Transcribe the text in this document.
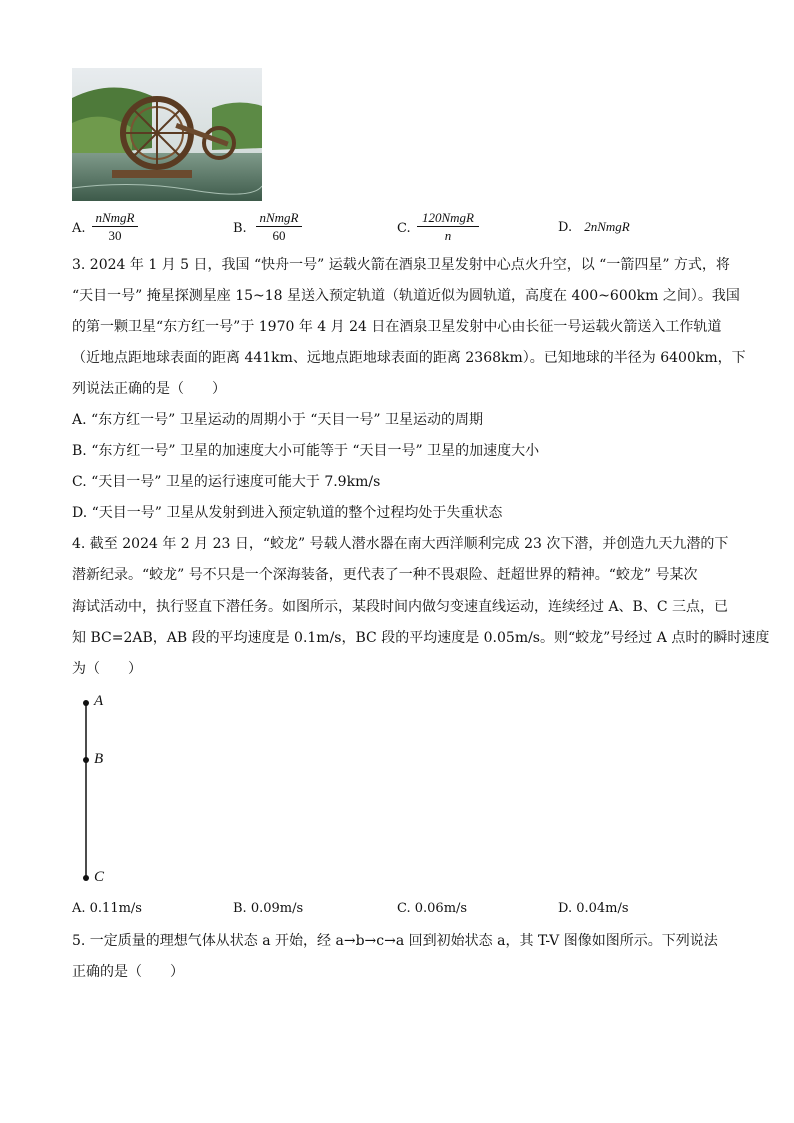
A.
nNmgR
30	B.
nNmgR
60	C.
120NmgR
n
D. 2nNmgR
3. 2024 年 1 月 5 日，我国 “快舟一号” 运载火箭在酒泉卫星发射中心点火升空，以 “一箭四星” 方式，将
“天目一号” 掩星探测星座 15~18 星送入预定轨道（轨道近似为圆轨道，高度在 400~600km 之间）。我国
的第一颗卫星“东方红一号”于 1970 年 4 月 24 日在酒泉卫星发射中心由长征一号运载火箭送入工作轨道
（近地点距地球表面的距离 441km、远地点距地球表面的距离 2368km）。已知地球的半径为 6400km，下
列说法正确的是（　　）
A. “东方红一号” 卫星运动的周期小于 “天目一号” 卫星运动的周期
B. “东方红一号” 卫星的加速度大小可能等于 “天目一号” 卫星的加速度大小
C. “天目一号” 卫星的运行速度可能大于 7.9km/s
D. “天目一号” 卫星从发射到进入预定轨道的整个过程均处于失重状态
4. 截至 2024 年 2 月 23 日，“蛟龙” 号载人潜水器在南大西洋顺利完成 23 次下潜，并创造九天九潜的下
潜新纪录。“蛟龙” 号不只是一个深海装备，更代表了一种不畏艰险、赶超世界的精神。“蛟龙” 号某次
海试活动中，执行竖直下潜任务。如图所示，某段时间内做匀变速直线运动，连续经过 A、B、C 三点，已
知 BC=2AB，AB 段的平均速度是 0.1m/s，BC 段的平均速度是 0.05m/s。则“蛟龙”号经过 A 点时的瞬时速度
为（　　）
A
B
C
A. 0.11m/s	B. 0.09m/s	C. 0.06m/s	D. 0.04m/s
5. 一定质量的理想气体从状态 a 开始，经 a→b→c→a 回到初始状态 a，其 T-V 图像如图所示。下列说法
正确的是（　　）
